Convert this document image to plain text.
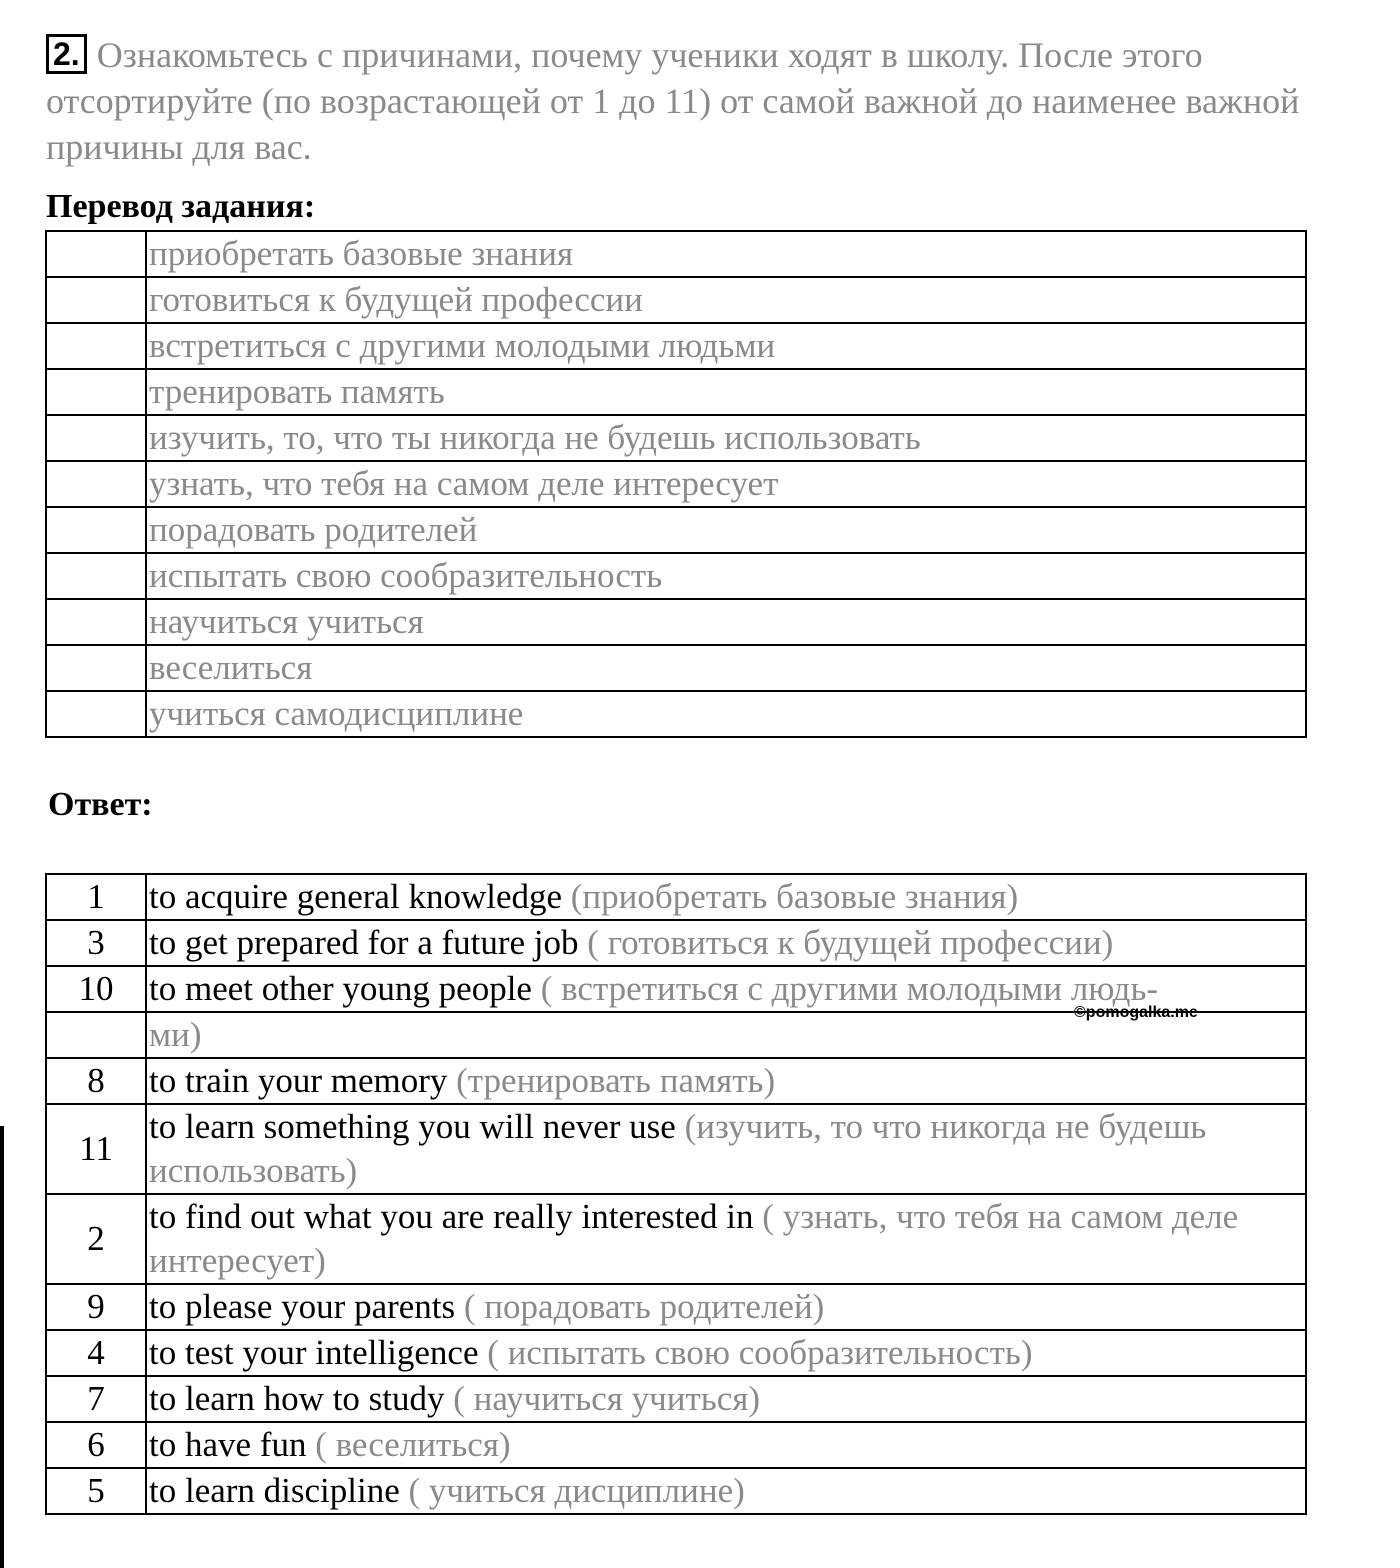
2. Ознакомьтесь с причинами, почему ученики ходят в школу. После этого отсортируйте (по возрастающей от 1 до 11) от самой важной до наименее важной причины для вас.
Перевод задания:
	приобретать базовые знания
	готовиться к будущей профессии
	встретиться с другими молодыми людьми
	тренировать память
	изучить, то, что ты никогда не будешь использовать
	узнать, что тебя на самом деле интересует
	порадовать родителей
	испытать свою сообразительность
	научиться учиться
	веселиться
	учиться самодисциплине
Ответ:
1	to acquire general knowledge (приобретать базовые знания)
3	to get prepared for a future job ( готовиться к будущей профессии)
10	to meet other young people ( встретиться с другими молодыми людь-
	ми)
8	to train your memory (тренировать память)
11	to learn something you will never use (изучить, то что никогда не будешь использовать)
2	to find out what you are really interested in ( узнать, что тебя на самом деле интересует)
9	to please your parents ( порадовать родителей)
4	to test your intelligence ( испытать свою сообразительность)
7	to learn how to study ( научиться учиться)
6	to have fun ( веселиться)
5	to learn discipline ( учиться дисциплине)
©pomogalka.me
